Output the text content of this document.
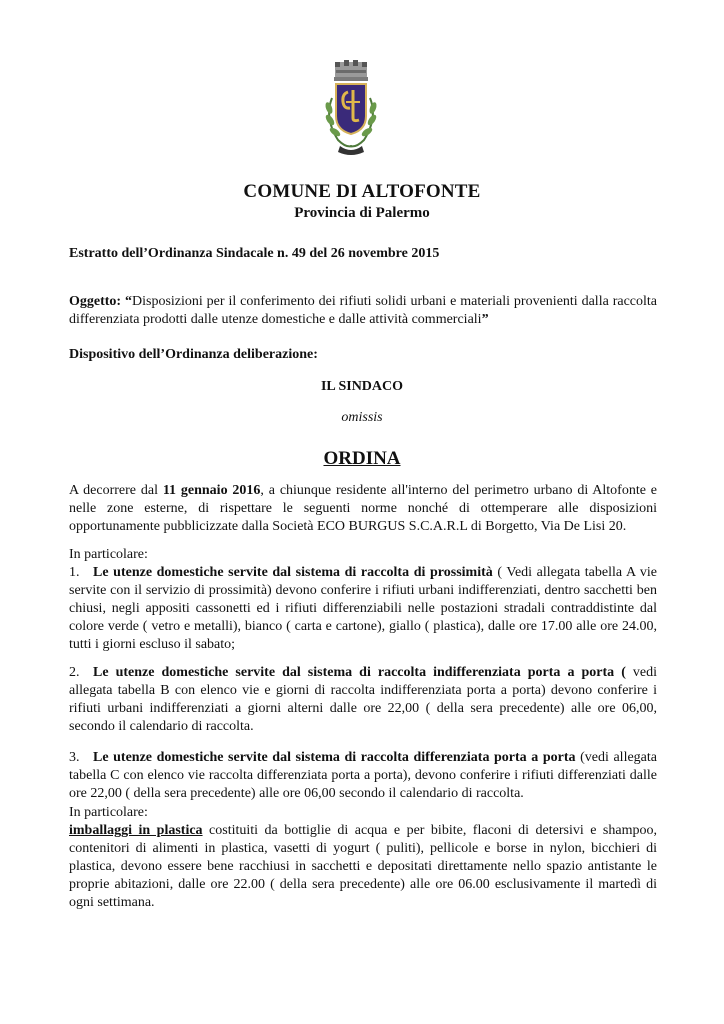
COMUNE DI ALTOFONTE
Provincia di Palermo
Estratto dell’Ordinanza Sindacale n. 49 del 26 novembre 2015
Oggetto: “Disposizioni per il conferimento dei rifiuti solidi urbani e materiali provenienti dalla raccolta differenziata prodotti dalle utenze domestiche e dalle attività commerciali”
Dispositivo dell’Ordinanza deliberazione:
IL SINDACO
omissis
ORDINA
A decorrere dal 11 gennaio 2016, a chiunque residente all'interno del perimetro urbano di Altofonte e nelle zone esterne, di rispettare le seguenti norme nonché di ottemperare alle disposizioni opportunamente pubblicizzate dalla Società ECO BURGUS S.C.A.R.L di Borgetto, Via De Lisi 20.
In particolare:
1. Le utenze domestiche servite dal sistema di raccolta di prossimità ( Vedi allegata tabella A vie servite con il servizio di prossimità) devono conferire i rifiuti urbani indifferenziati, dentro sacchetti ben chiusi, negli appositi cassonetti ed i rifiuti differenziabili nelle postazioni stradali contraddistinte dal colore verde ( vetro e metalli), bianco ( carta e cartone), giallo ( plastica), dalle ore 17.00 alle ore 24.00, tutti i giorni escluso il sabato;
2. Le utenze domestiche servite dal sistema di raccolta indifferenziata porta a porta ( vedi allegata tabella B con elenco vie e giorni di raccolta indifferenziata porta a porta) devono conferire i rifiuti urbani indifferenziati a giorni alterni dalle ore 22,00 ( della sera precedente) alle ore 06,00, secondo il calendario di raccolta.
3. Le utenze domestiche servite dal sistema di raccolta differenziata porta a porta (vedi allegata tabella C con elenco vie raccolta differenziata porta a porta), devono conferire i rifiuti differenziati dalle ore 22,00 ( della sera precedente) alle ore 06,00 secondo il calendario di raccolta.
In particolare:
imballaggi in plastica costituiti da bottiglie di acqua e per bibite, flaconi di detersivi e shampoo, contenitori di alimenti in plastica, vasetti di yogurt ( puliti), pellicole e borse in nylon, bicchieri di plastica, devono essere bene racchiusi in sacchetti e depositati direttamente nello spazio antistante le proprie abitazioni, dalle ore 22.00 ( della sera precedente) alle ore 06.00 esclusivamente il martedì di ogni settimana.
